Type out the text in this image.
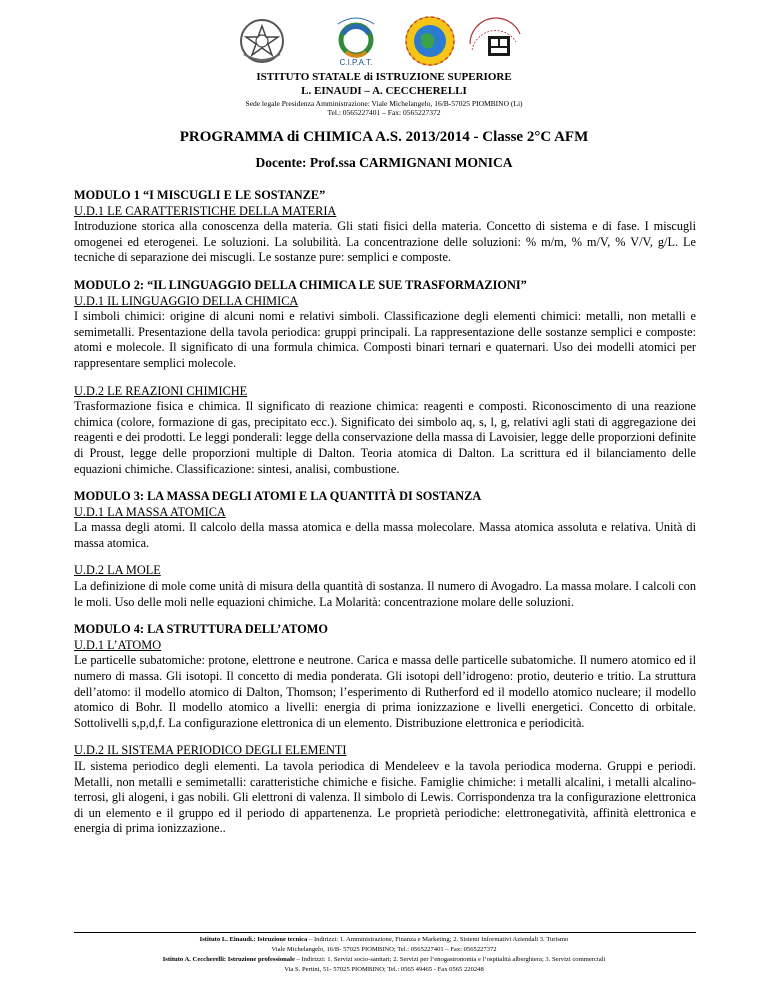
C.I.P.A.T.
ISTITUTO STATALE di ISTRUZIONE SUPERIORE
L. EINAUDI – A. CECCHERELLI
Sede legale Presidenza Amministrazione: Viale Michelangelo, 16/B-57025 PIOMBINO (Li)
Tel.: 0565227401 – Fax: 0565227372
PROGRAMMA di CHIMICA A.S. 2013/2014 - Classe 2°C AFM
Docente: Prof.ssa CARMIGNANI MONICA
MODULO 1 “I MISCUGLI E LE SOSTANZE”
U.D.1 LE CARATTERISTICHE DELLA MATERIA
Introduzione storica alla conoscenza della materia. Gli stati fisici della materia. Concetto di sistema e di fase. I miscugli omogenei ed eterogenei. Le soluzioni. La solubilità. La concentrazione delle soluzioni: % m/m, % m/V, % V/V, g/L. Le tecniche di separazione dei miscugli. Le sostanze pure: semplici e composte.
MODULO 2: “IL LINGUAGGIO DELLA CHIMICA LE SUE TRASFORMAZIONI”
U.D.1 IL LINGUAGGIO DELLA CHIMICA
I simboli chimici: origine di alcuni nomi e relativi simboli. Classificazione degli elementi chimici: metalli, non metalli e semimetalli. Presentazione della tavola periodica: gruppi principali. La rappresentazione delle sostanze semplici e composte: atomi e molecole. Il significato di una formula chimica. Composti binari ternari e quaternari. Uso dei modelli atomici per rappresentare semplici molecole.
U.D.2 LE REAZIONI CHIMICHE
Trasformazione fisica e chimica. Il significato di reazione chimica: reagenti e composti. Riconoscimento di una reazione chimica (colore, formazione di gas, precipitato ecc.). Significato dei simbolo aq, s, l, g, relativi agli stati di aggregazione dei reagenti e dei prodotti. Le leggi ponderali: legge della conservazione della massa di Lavoisier, legge delle proporzioni definite di Proust, legge delle proporzioni multiple di Dalton. Teoria atomica di Dalton. La scrittura ed il bilanciamento delle equazioni chimiche. Classificazione: sintesi, analisi, combustione.
MODULO 3: LA MASSA DEGLI ATOMI E LA QUANTITÀ DI SOSTANZA
U.D.1 LA MASSA ATOMICA
La massa degli atomi. Il calcolo della massa atomica e della massa molecolare. Massa atomica assoluta e relativa. Unità di massa atomica.
U.D.2 LA MOLE
La definizione di mole come unità di misura della quantità di sostanza. Il numero di Avogadro. La massa molare. I calcoli con le moli. Uso delle moli nelle equazioni chimiche. La Molarità: concentrazione molare delle soluzioni.
MODULO 4: LA STRUTTURA DELL’ATOMO
U.D.1 L’ATOMO
Le particelle subatomiche: protone, elettrone e neutrone. Carica e massa delle particelle subatomiche. Il numero atomico ed il numero di massa. Gli isotopi. Il concetto di media ponderata. Gli isotopi dell’idrogeno: protio, deuterio e tritio. La struttura dell’atomo: il modello atomico di Dalton, Thomson; l’esperimento di Rutherford ed il modello atomico nucleare; il modello atomico di Bohr. Il modello atomico a livelli: energia di prima ionizzazione e livelli energetici. Concetto di orbitale. Sottolivelli s,p,d,f. La configurazione elettronica di un elemento. Distribuzione elettronica e periodicità.
U.D.2 IL SISTEMA PERIODICO DEGLI ELEMENTI
IL sistema periodico degli elementi. La tavola periodica di Mendeleev e la tavola periodica moderna. Gruppi e periodi. Metalli, non metalli e semimetalli: caratteristiche chimiche e fisiche. Famiglie chimiche: i metalli alcalini, i metalli alcalino-terrosi, gli alogeni, i gas nobili. Gli elettroni di valenza. Il simbolo di Lewis. Corrispondenza tra la configurazione elettronica di un elemento e il gruppo ed il periodo di appartenenza. Le proprietà periodiche: elettronegatività, affinità elettronica e energia di prima ionizzazione..
Istituto L. Einaudi.: Istruzione tecnica – Indirizzi: 1. Amministrazione, Finanza e Marketing; 2. Sistemi Informativi Aziendali 3. Turismo
Viale Michelangelo, 16/B- 57025 PIOMBINO; Tel.: 0565227401 – Fax: 0565227372
Istituto A. Ceccherelli: Istruzione professionale – Indirizzi: 1. Servizi socio-sanitari; 2. Servizi per l’enogastronomia e l’ospitalità alberghiera; 3. Servizi commerciali
Via S. Pertini, 51- 57025 PIOMBINO; Tel.: 0565 49465 - Fax 0565 220248
